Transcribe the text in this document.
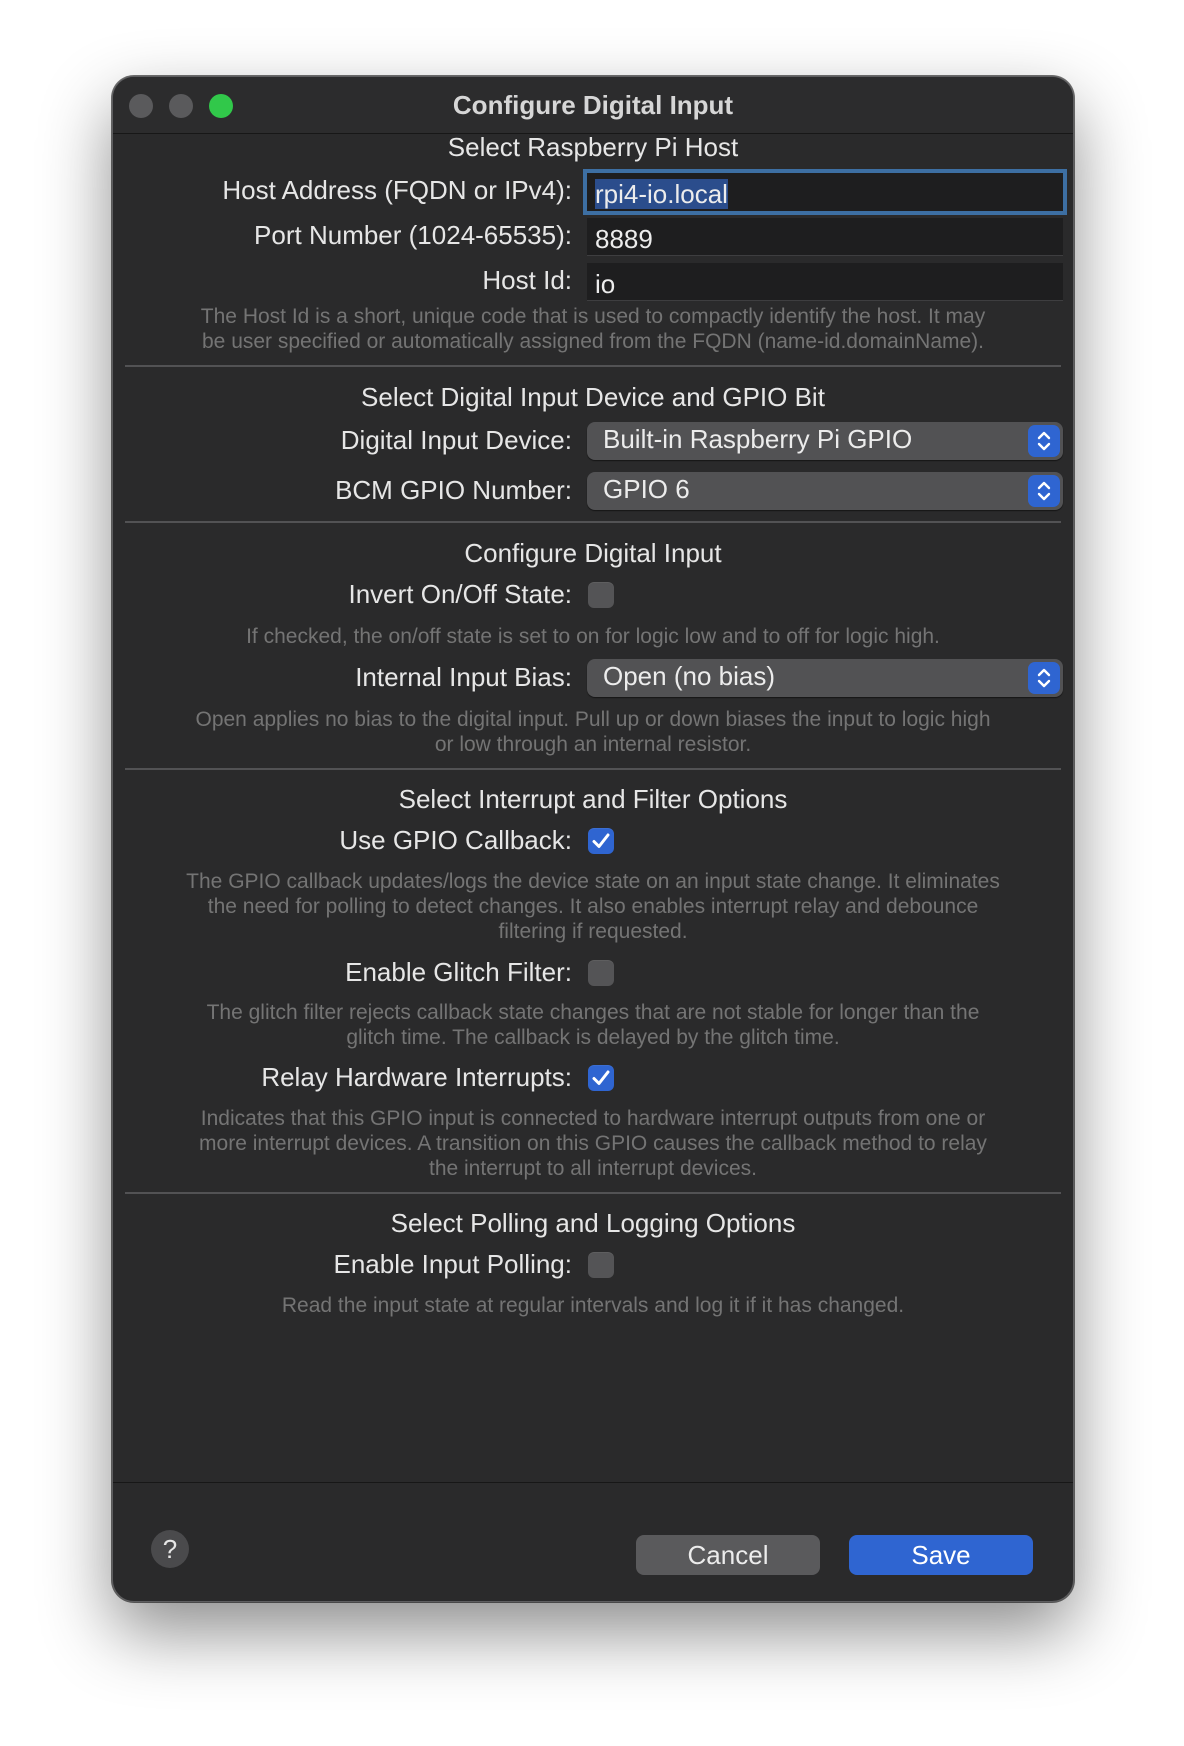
Configure Digital Input
Select Raspberry Pi Host
Host Address (FQDN or IPv4): rpi4-io.local
Port Number (1024-65535): 8889
Host Id: io
The Host Id is a short, unique code that is used to compactly identify the host. It may
be user specified or automatically assigned from the FQDN (name-id.domainName).
Select Digital Input Device and GPIO Bit
Digital Input Device:	Built-in Raspberry Pi GPIO
BCM GPIO Number:	GPIO 6
Configure Digital Input
Invert On/Off State:
If checked, the on/off state is set to on for logic low and to off for logic high.
Internal Input Bias:	Open (no bias)
Open applies no bias to the digital input. Pull up or down biases the input to logic high
or low through an internal resistor.
Select Interrupt and Filter Options
Use GPIO Callback:
The GPIO callback updates/logs the device state on an input state change. It eliminates
the need for polling to detect changes. It also enables interrupt relay and debounce
filtering if requested.
Enable Glitch Filter:
The glitch filter rejects callback state changes that are not stable for longer than the
glitch time. The callback is delayed by the glitch time.
Relay Hardware Interrupts:
Indicates that this GPIO input is connected to hardware interrupt outputs from one or
more interrupt devices. A transition on this GPIO causes the callback method to relay
the interrupt to all interrupt devices.
Select Polling and Logging Options
Enable Input Polling:
Read the input state at regular intervals and log it if it has changed.
?	Cancel	Save
